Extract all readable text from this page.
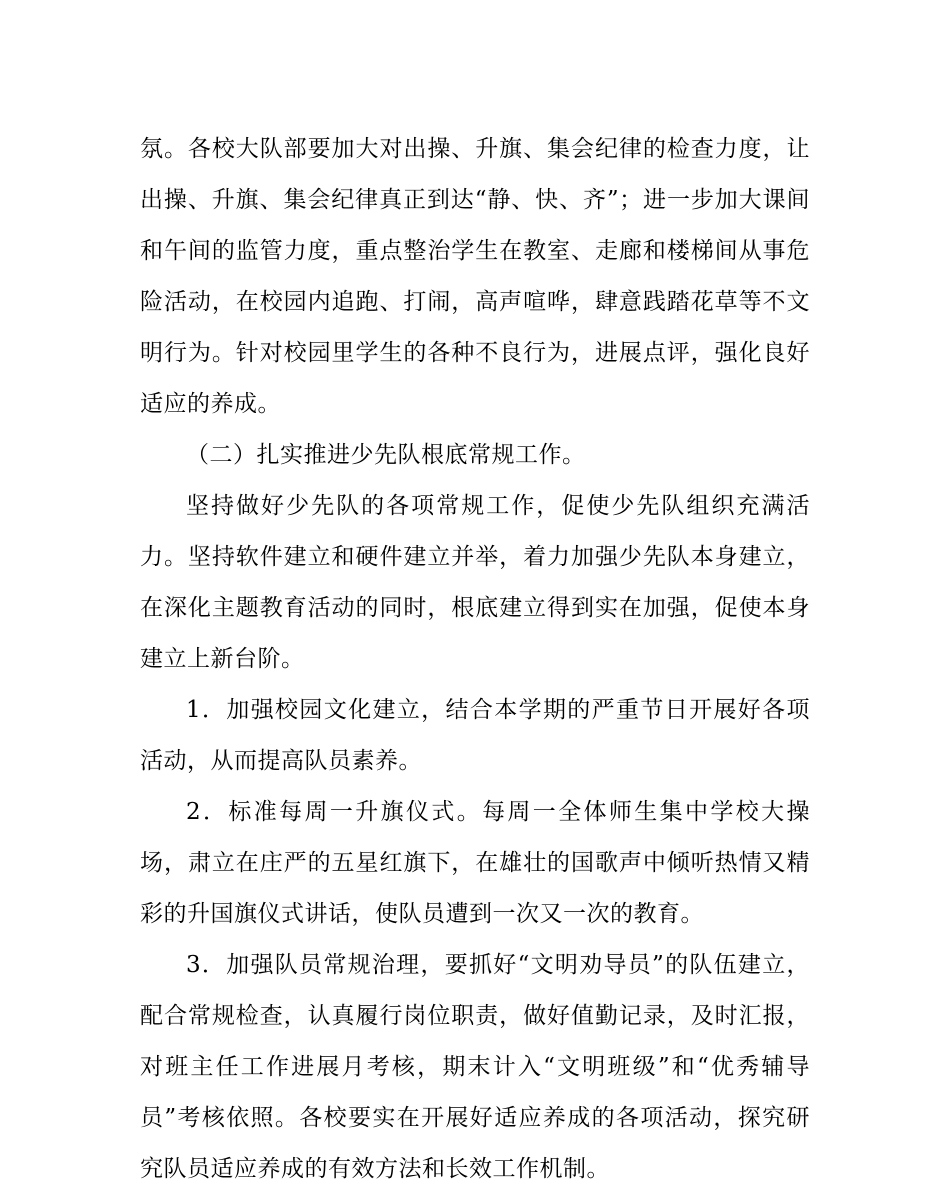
氛。各校大队部要加大对出操、升旗、集会纪律的检查力度，让出操、升旗、集会纪律真正到达“静、快、齐”；进一步加大课间和午间的监管力度，重点整治学生在教室、走廊和楼梯间从事危险活动，在校园内追跑、打闹，高声喧哗，肆意践踏花草等不文明行为。针对校园里学生的各种不良行为，进展点评，强化良好适应的养成。

（二）扎实推进少先队根底常规工作。

坚持做好少先队的各项常规工作，促使少先队组织充满活力。坚持软件建立和硬件建立并举，着力加强少先队本身建立，在深化主题教育活动的同时，根底建立得到实在加强，促使本身建立上新台阶。

1．加强校园文化建立，结合本学期的严重节日开展好各项活动，从而提高队员素养。

2．标准每周一升旗仪式。每周一全体师生集中学校大操场，肃立在庄严的五星红旗下，在雄壮的国歌声中倾听热情又精彩的升国旗仪式讲话，使队员遭到一次又一次的教育。

3．加强队员常规治理，要抓好“文明劝导员”的队伍建立，配合常规检查，认真履行岗位职责，做好值勤记录，及时汇报，对班主任工作进展月考核，期末计入“文明班级”和“优秀辅导员”考核依照。各校要实在开展好适应养成的各项活动，探究研究队员适应养成的有效方法和长效工作机制。
